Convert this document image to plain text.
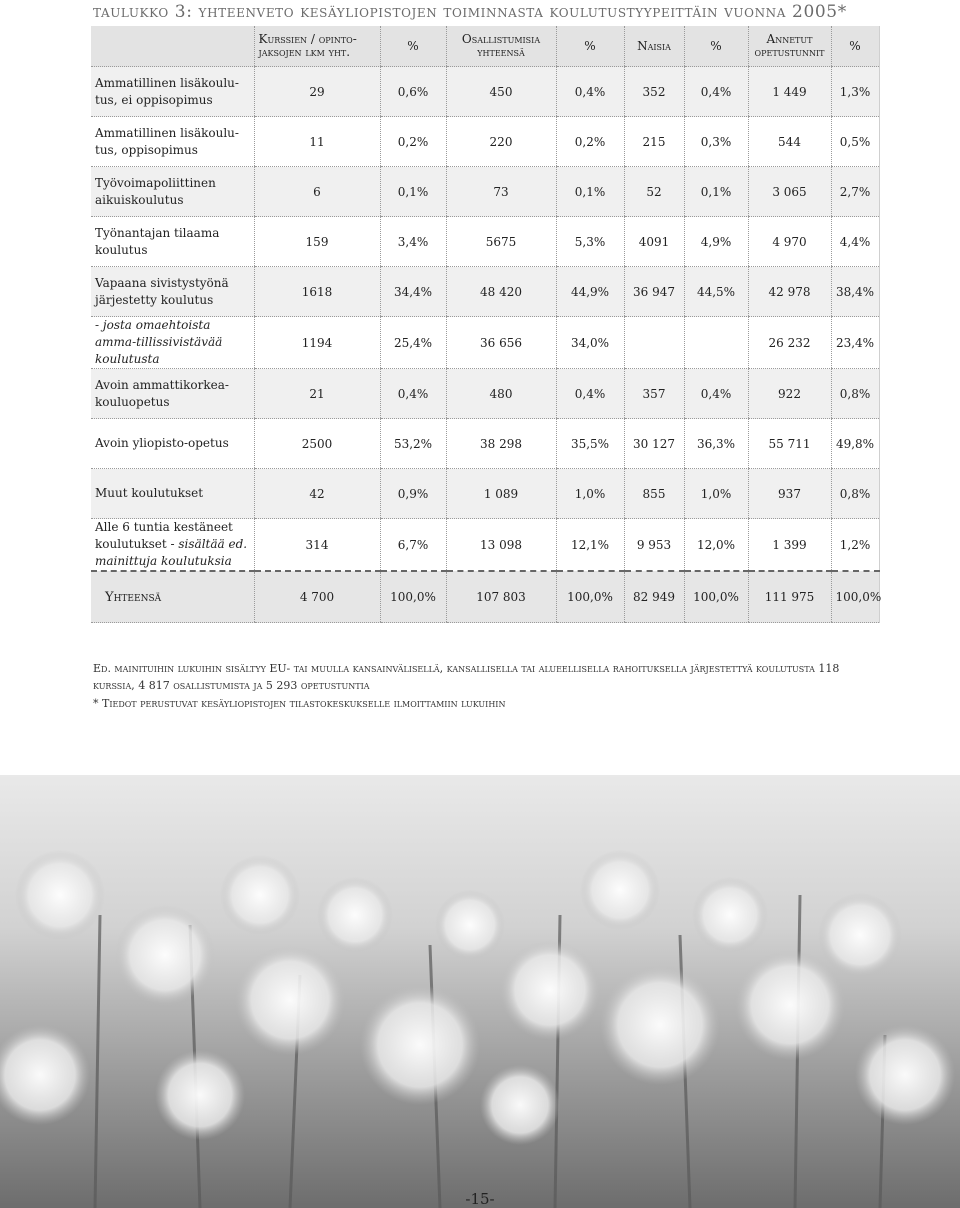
taulukko 3: yhteenveto kesäyliopistojen toiminnasta koulutustyypeittäin vuonna 2005*
	Kurssien / opinto-jaksojen lkm yht.	%	Osallistumisia yhteensä	%	Naisia	%	Annetut opetustunnit	%
Ammatillinen lisäkoulu-tus, ei oppisopimus	29	0,6%	450	0,4%	352	0,4%	1 449	1,3%
Ammatillinen lisäkoulu-tus, oppisopimus	11	0,2%	220	0,2%	215	0,3%	544	0,5%
Työvoimapoliittinen aikuiskoulutus	6	0,1%	73	0,1%	52	0,1%	3 065	2,7%
Työnantajan tilaama koulutus	159	3,4%	5675	5,3%	4091	4,9%	4 970	4,4%
Vapaana sivistystyönä järjestetty koulutus	1618	34,4%	48 420	44,9%	36 947	44,5%	42 978	38,4%
- josta omaehtoista amma-tillissivistävää koulutusta	1194	25,4%	36 656	34,0%			26 232	23,4%
Avoin ammattikorkea-kouluopetus	21	0,4%	480	0,4%	357	0,4%	922	0,8%
Avoin yliopisto-opetus	2500	53,2%	38 298	35,5%	30 127	36,3%	55 711	49,8%
Muut koulutukset	42	0,9%	1 089	1,0%	855	1,0%	937	0,8%
Alle 6 tuntia kestäneet koulutukset - sisältää ed. mainittuja koulutuksia	314	6,7%	13 098	12,1%	9 953	12,0%	1 399	1,2%
Yhteensä	4 700	100,0%	107 803	100,0%	82 949	100,0%	111 975	100,0%
Ed. mainituihin lukuihin sisältyy EU- tai muulla kansainvälisellä, kansallisella tai alueellisella rahoituksella järjestettyä koulutusta 118 kurssia, 4 817 osallistumista ja 5 293 opetustuntia
* Tiedot perustuvat kesäyliopistojen tilastokeskukselle ilmoittamiin lukuihin
-15-
